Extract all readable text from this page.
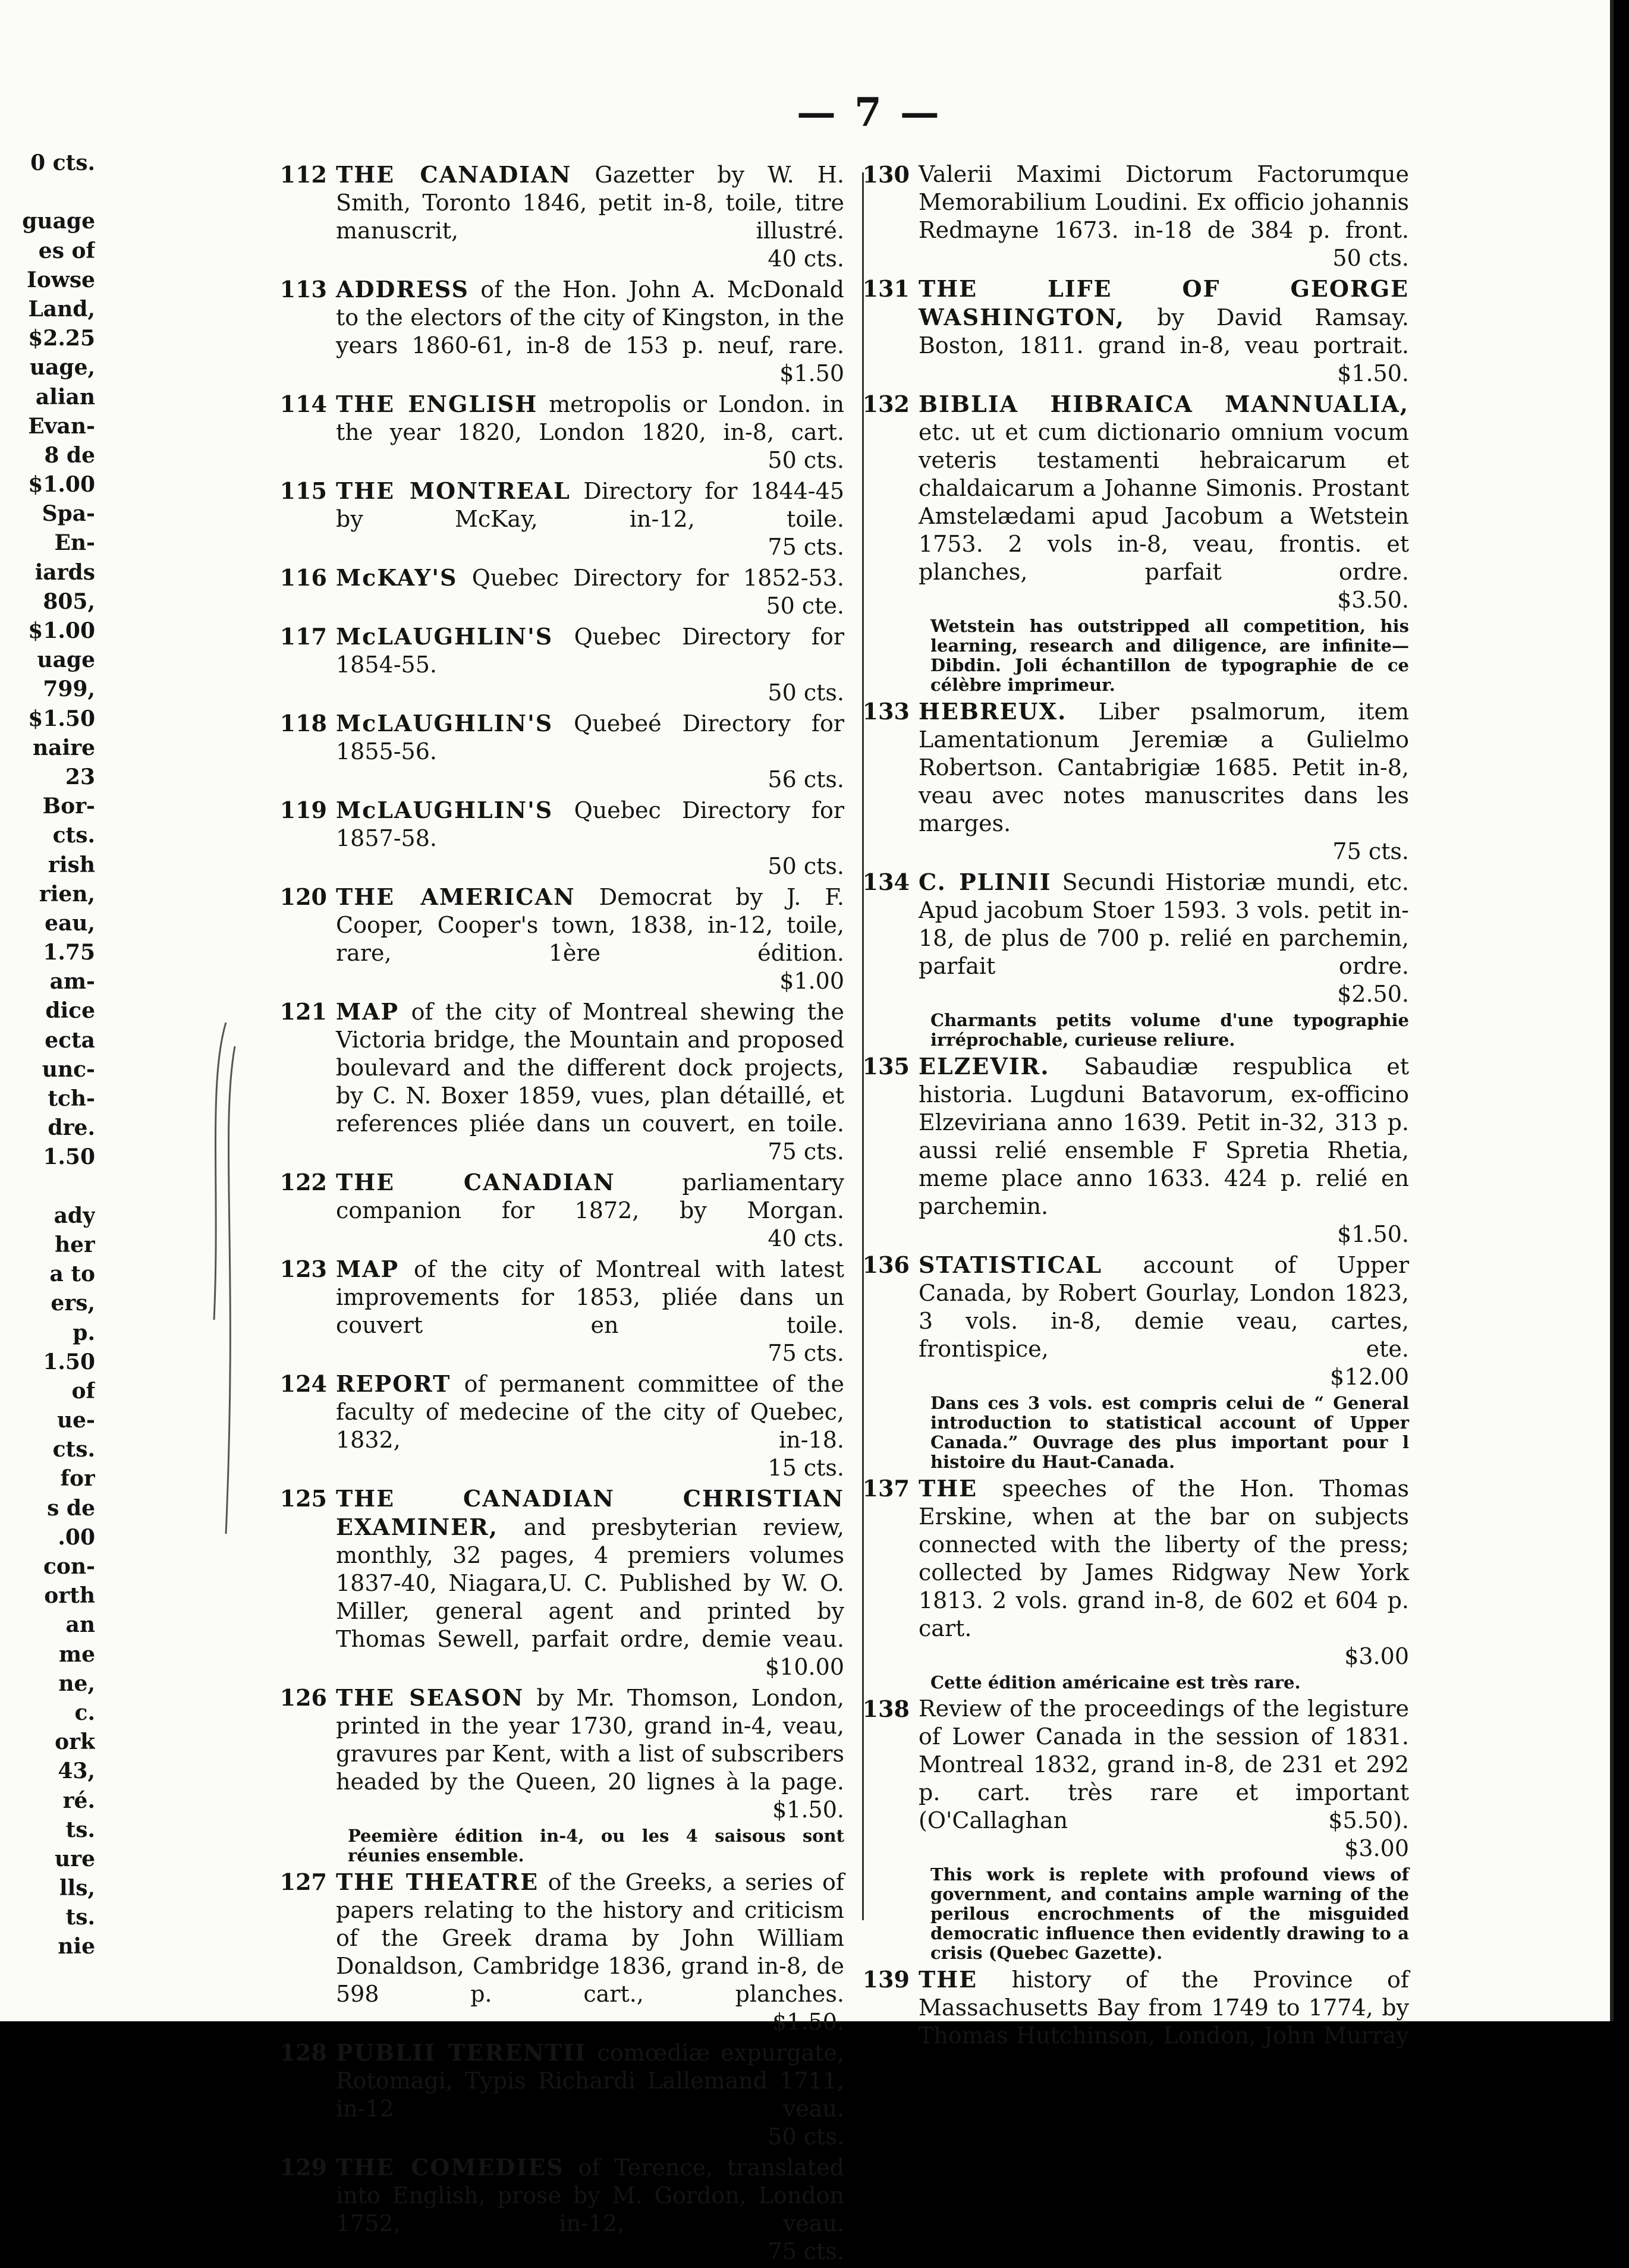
0 cts.
guage
es of
Iowse
Land,
$2.25
uage,
alian
Evan-
8 de
$1.00
Spa-
En-
iards
805,
$1.00
uage
799,
$1.50
naire
23
Bor-
cts.
rish
rien,
eau,
1.75
am-
dice
ecta
unc-
tch-
dre.
1.50
ady
her
a to
ers,
p.
1.50
of
ue-
cts.
for
s de
.00
con-
orth
an
me
ne,
c.
ork
43,
ré.
ts.
ure
lls,
ts.
nie
— 7 —
112 THE CANADIAN Gazetter by W. H. Smith, Toronto 1846, petit in-8, toile, titre manuscrit, illustré.
40 cts.
113 ADDRESS of the Hon. John A. McDonald to the electors of the city of Kingston, in the years 1860-61, in-8 de 153 p. neuf, rare.
$1.50
114 THE ENGLISH metropolis or London. in the year 1820, London 1820, in-8, cart.
50 cts.
115 THE MONTREAL Directory for 1844-45 by McKay, in-12, toile.
75 cts.
116 McKAY'S Quebec Directory for 1852-53.
50 cte.
117 McLAUGHLIN'S Quebec Directory for 1854-55.
50 cts.
118 McLAUGHLIN'S Quebeé Directory for 1855-56.
56 cts.
119 McLAUGHLIN'S Quebec Directory for 1857-58.
50 cts.
120 THE AMERICAN Democrat by J. F. Cooper, Cooper's town, 1838, in-12, toile, rare, 1ère édition.
$1.00
121 MAP of the city of Montreal shewing the Victoria bridge, the Mountain and proposed boulevard and the different dock projects, by C. N. Boxer 1859, vues, plan détaillé, et references pliée dans un couvert, en toile.
75 cts.
122 THE CANADIAN parliamentary companion for 1872, by Morgan.
40 cts.
123 MAP of the city of Montreal with latest improvements for 1853, pliée dans un couvert en toile.
75 cts.
124 REPORT of permanent committee of the faculty of medecine of the city of Quebec, 1832, in-18.
15 cts.
125 THE CANADIAN CHRISTIAN EXAMINER, and presbyterian review, monthly, 32 pages, 4 premiers volumes 1837-40, Niagara,U. C. Published by W. O. Miller, general agent and printed by Thomas Sewell, parfait ordre, demie veau.
$10.00
126 THE SEASON by Mr. Thomson, London, printed in the year 1730, grand in-4, veau, gravures par Kent, with a list of subscribers headed by the Queen, 20 lignes à la page.
$1.50.
Peemière édition in-4, ou les 4 saisous sont réunies ensemble.
127 THE THEATRE of the Greeks, a series of papers relating to the history and criticism of the Greek drama by John William Donaldson, Cambridge 1836, grand in-8, de 598 p. cart., planches.
$1.50.
128 PUBLII TERENTII comœdiæ expurgate, Rotomagi, Typis Richardi Lallemand 1711, in-12 veau.
50 cts.
129 THE COMEDIES of Terence, translated into English, prose by M. Gordon, London 1752, in-12, veau.
75 cts.
130 Valerii Maximi Dictorum Factorumque Memorabilium Loudini. Ex officio johannis Redmayne 1673. in-18 de 384 p. front.
50 cts.
131 THE LIFE OF GEORGE WASHINGTON, by David Ramsay. Boston, 1811. grand in-8, veau portrait.
$1.50.
132 BIBLIA HIBRAICA MANNUALIA, etc. ut et cum dictionario omnium vocum veteris testamenti hebraicarum et chaldaicarum a Johanne Simonis. Prostant Amstelædami apud Jacobum a Wetstein 1753. 2 vols in-8, veau, frontis. et planches, parfait ordre.
$3.50.
Wetstein has outstripped all competition, his learning, research and diligence, are infinite—Dibdin. Joli échantillon de typographie de ce célèbre imprimeur.
133 HEBREUX. Liber psalmorum, item Lamentationum Jeremiæ a Gulielmo Robertson. Cantabrigiæ 1685. Petit in-8, veau avec notes manuscrites dans les marges.
75 cts.
134 C. PLINII Secundi Historiæ mundi, etc. Apud jacobum Stoer 1593. 3 vols. petit in-18, de plus de 700 p. relié en parchemin, parfait ordre.
$2.50.
Charmants petits volume d'une typographie irréprochable, curieuse reliure.
135 ELZEVIR. Sabaudiæ respublica et historia. Lugduni Batavorum, ex-officino Elzeviriana anno 1639. Petit in-32, 313 p. aussi relié ensemble F Spretia Rhetia, meme place anno 1633. 424 p. relié en parchemin.
$1.50.
136 STATISTICAL account of Upper Canada, by Robert Gourlay, London 1823, 3 vols. in-8, demie veau, cartes, frontispice, ete.
$12.00
Dans ces 3 vols. est compris celui de “ General introduction to statistical account of Upper Canada.” Ouvrage des plus important pour l histoire du Haut-Canada.
137 THE speeches of the Hon. Thomas Erskine, when at the bar on subjects connected with the liberty of the press; collected by James Ridgway New York 1813. 2 vols. grand in-8, de 602 et 604 p. cart.
$3.00
Cette édition américaine est très rare.
138 Review of the proceedings of the legisture of Lower Canada in the session of 1831. Montreal 1832, grand in-8, de 231 et 292 p. cart. très rare et important (O'Callaghan $5.50).
$3.00
This work is replete with profound views of government, and contains ample warning of the perilous encrochments of the misguided democratic influence then evidently drawing to a crisis (Quebec Gazette).
139 THE history of the Province of Massachusetts Bay from 1749 to 1774, by Thomas Hutchinson, London, John Murray
